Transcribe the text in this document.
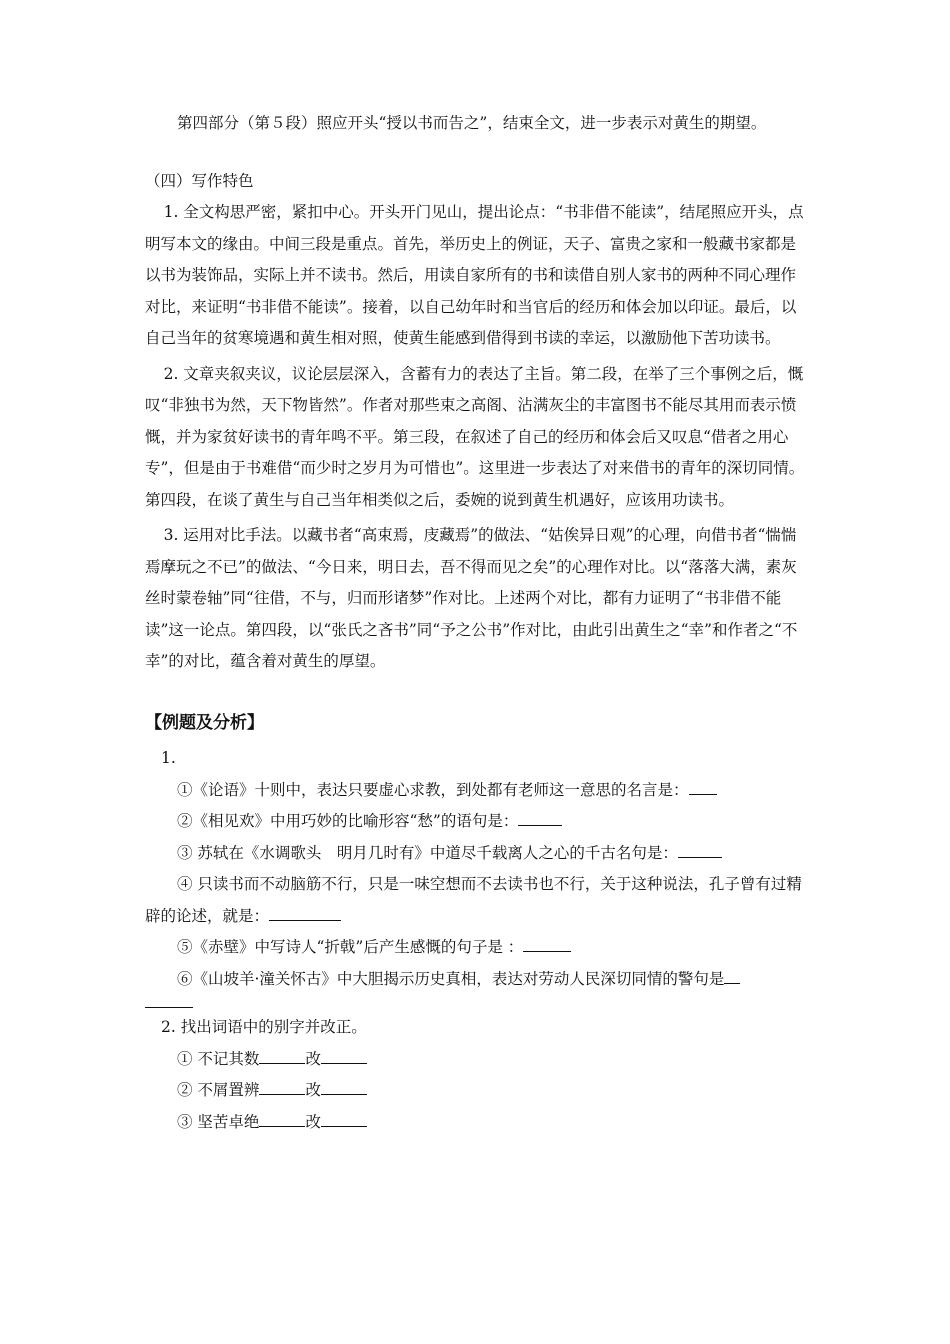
第四部分（第５段）照应开头“授以书而告之”，结束全文，进一步表示对黄生的期望。

（四）写作特色

1. 全文构思严密，紧扣中心。开头开门见山，提出论点：“书非借不能读”，结尾照应开头，点明写本文的缘由。中间三段是重点。首先，举历史上的例证，天子、富贵之家和一般藏书家都是以书为装饰品，实际上并不读书。然后，用读自家所有的书和读借自别人家书的两种不同心理作对比，来证明“书非借不能读”。接着，以自己幼年时和当官后的经历和体会加以印证。最后，以自己当年的贫寒境遇和黄生相对照，使黄生能感到借得到书读的幸运，以激励他下苦功读书。

2. 文章夹叙夹议，议论层层深入，含蓄有力的表达了主旨。第二段，在举了三个事例之后，慨叹“非独书为然，天下物皆然”。作者对那些束之高阁、沾满灰尘的丰富图书不能尽其用而表示愤慨，并为家贫好读书的青年鸣不平。第三段，在叙述了自己的经历和体会后又叹息“借者之用心专”，但是由于书难借“而少时之岁月为可惜也”。这里进一步表达了对来借书的青年的深切同情。第四段，在谈了黄生与自己当年相类似之后，委婉的说到黄生机遇好，应该用功读书。

3. 运用对比手法。以藏书者“高束焉，庋藏焉”的做法、“姑俟异日观”的心理，向借书者“惴惴焉摩玩之不已”的做法、“今日来，明日去，吾不得而见之矣”的心理作对比。以“落落大满，素灰丝时蒙卷轴”同“往借，不与，归而形诸梦”作对比。上述两个对比，都有力证明了“书非借不能读”这一论点。第四段，以“张氏之吝书”同“予之公书”作对比，由此引出黄生之“幸”和作者之“不幸”的对比，蕴含着对黄生的厚望。

【例题及分析】

1.

①《论语》十则中，表达只要虚心求教，到处都有老师这一意思的名言是：

②《相见欢》中用巧妙的比喻形容“愁”的语句是：

③ 苏轼在《水调歌头　明月几时有》中道尽千载离人之心的千古名句是：

④ 只读书而不动脑筋不行，只是一味空想而不去读书也不行，关于这种说法，孔子曾有过精辟的论述，就是：

⑤《赤壁》中写诗人“折戟”后产生感慨的句子是 ：

⑥《山坡羊·潼关怀古》中大胆揭示历史真相，表达对劳动人民深切同情的警句是

2. 找出词语中的别字并改正。

① 不记其数	改

② 不屑置辨	改

③ 坚苦卓绝	改
